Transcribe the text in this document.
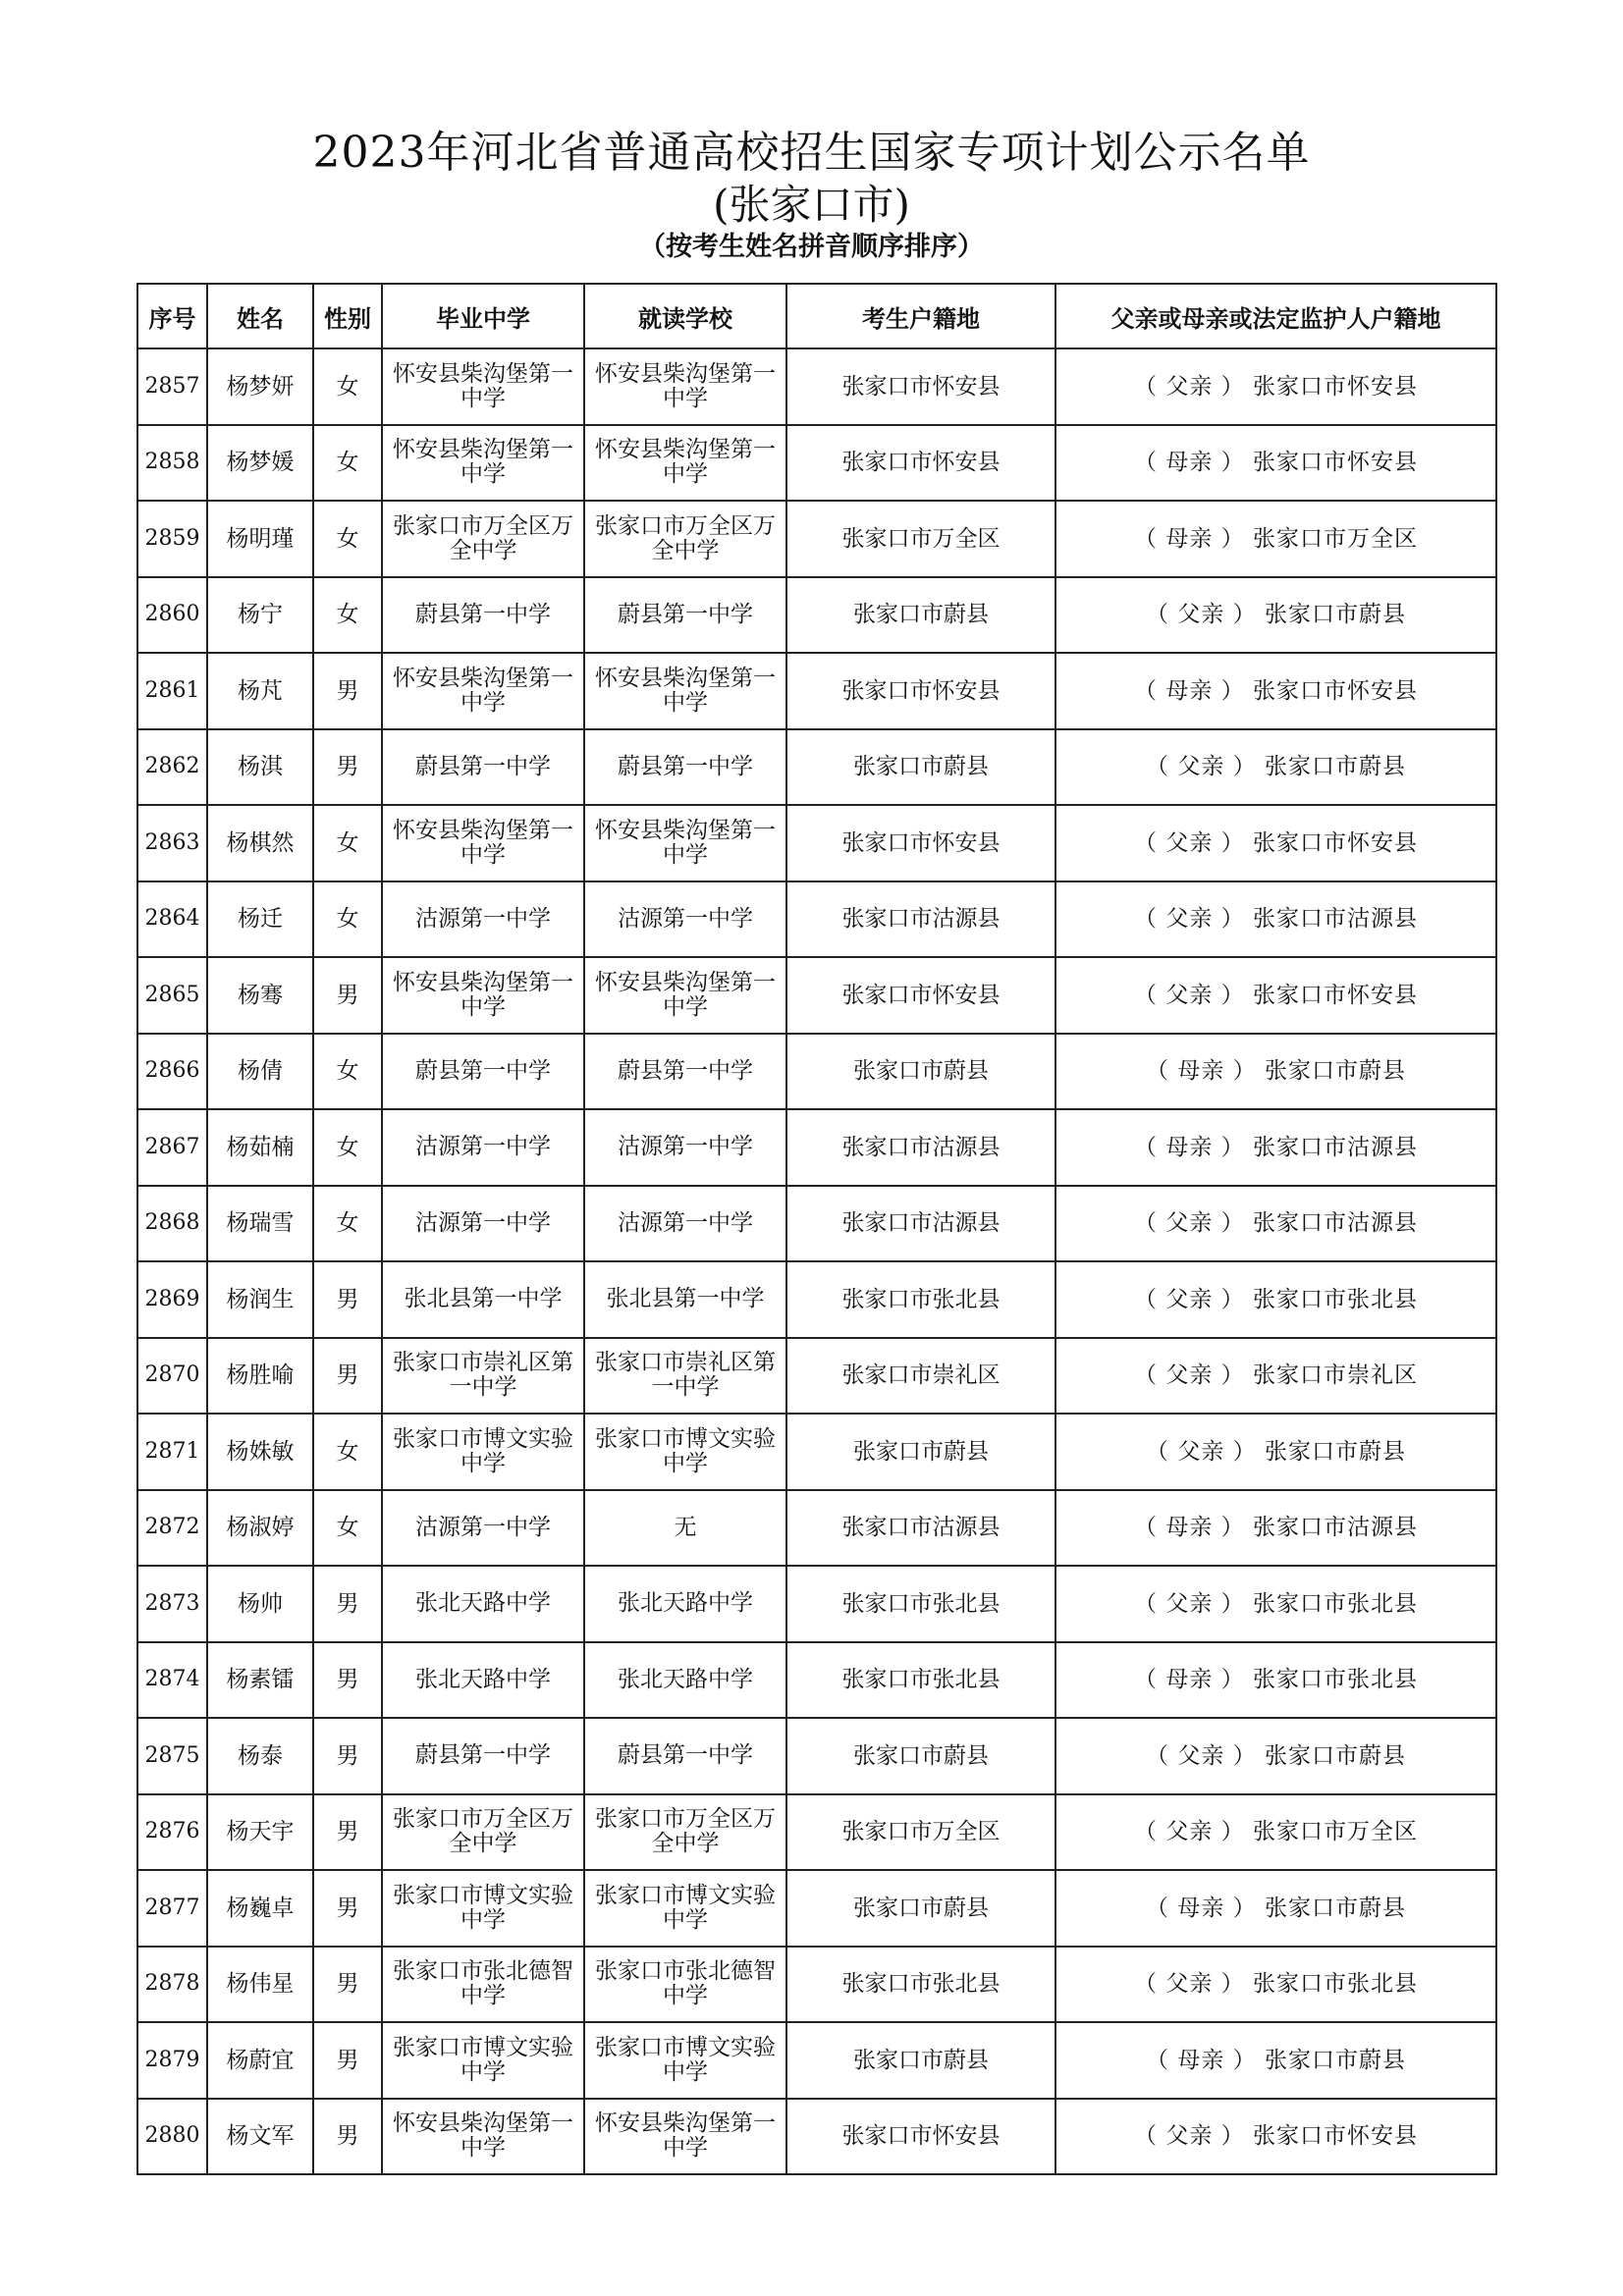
2023年河北省普通高校招生国家专项计划公示名单
(张家口市)
（按考生姓名拼音顺序排序）
序号	姓名	性别	毕业中学	就读学校	考生户籍地	父亲或母亲或法定监护人户籍地
2857	杨梦妍	女	怀安县柴沟堡第一中学	怀安县柴沟堡第一中学	张家口市怀安县	（ 父亲 ） 张家口市怀安县
2858	杨梦媛	女	怀安县柴沟堡第一中学	怀安县柴沟堡第一中学	张家口市怀安县	（ 母亲 ） 张家口市怀安县
2859	杨明瑾	女	张家口市万全区万全中学	张家口市万全区万全中学	张家口市万全区	（ 母亲 ） 张家口市万全区
2860	杨宁	女	蔚县第一中学	蔚县第一中学	张家口市蔚县	（ 父亲 ） 张家口市蔚县
2861	杨芃	男	怀安县柴沟堡第一中学	怀安县柴沟堡第一中学	张家口市怀安县	（ 母亲 ） 张家口市怀安县
2862	杨淇	男	蔚县第一中学	蔚县第一中学	张家口市蔚县	（ 父亲 ） 张家口市蔚县
2863	杨棋然	女	怀安县柴沟堡第一中学	怀安县柴沟堡第一中学	张家口市怀安县	（ 父亲 ） 张家口市怀安县
2864	杨迁	女	沽源第一中学	沽源第一中学	张家口市沽源县	（ 父亲 ） 张家口市沽源县
2865	杨骞	男	怀安县柴沟堡第一中学	怀安县柴沟堡第一中学	张家口市怀安县	（ 父亲 ） 张家口市怀安县
2866	杨倩	女	蔚县第一中学	蔚县第一中学	张家口市蔚县	（ 母亲 ） 张家口市蔚县
2867	杨茹楠	女	沽源第一中学	沽源第一中学	张家口市沽源县	（ 母亲 ） 张家口市沽源县
2868	杨瑞雪	女	沽源第一中学	沽源第一中学	张家口市沽源县	（ 父亲 ） 张家口市沽源县
2869	杨润生	男	张北县第一中学	张北县第一中学	张家口市张北县	（ 父亲 ） 张家口市张北县
2870	杨胜喻	男	张家口市崇礼区第一中学	张家口市崇礼区第一中学	张家口市崇礼区	（ 父亲 ） 张家口市崇礼区
2871	杨姝敏	女	张家口市博文实验中学	张家口市博文实验中学	张家口市蔚县	（ 父亲 ） 张家口市蔚县
2872	杨淑婷	女	沽源第一中学	无	张家口市沽源县	（ 母亲 ） 张家口市沽源县
2873	杨帅	男	张北天路中学	张北天路中学	张家口市张北县	（ 父亲 ） 张家口市张北县
2874	杨素镭	男	张北天路中学	张北天路中学	张家口市张北县	（ 母亲 ） 张家口市张北县
2875	杨泰	男	蔚县第一中学	蔚县第一中学	张家口市蔚县	（ 父亲 ） 张家口市蔚县
2876	杨天宇	男	张家口市万全区万全中学	张家口市万全区万全中学	张家口市万全区	（ 父亲 ） 张家口市万全区
2877	杨巍卓	男	张家口市博文实验中学	张家口市博文实验中学	张家口市蔚县	（ 母亲 ） 张家口市蔚县
2878	杨伟星	男	张家口市张北德智中学	张家口市张北德智中学	张家口市张北县	（ 父亲 ） 张家口市张北县
2879	杨蔚宜	男	张家口市博文实验中学	张家口市博文实验中学	张家口市蔚县	（ 母亲 ） 张家口市蔚县
2880	杨文军	男	怀安县柴沟堡第一中学	怀安县柴沟堡第一中学	张家口市怀安县	（ 父亲 ） 张家口市怀安县
